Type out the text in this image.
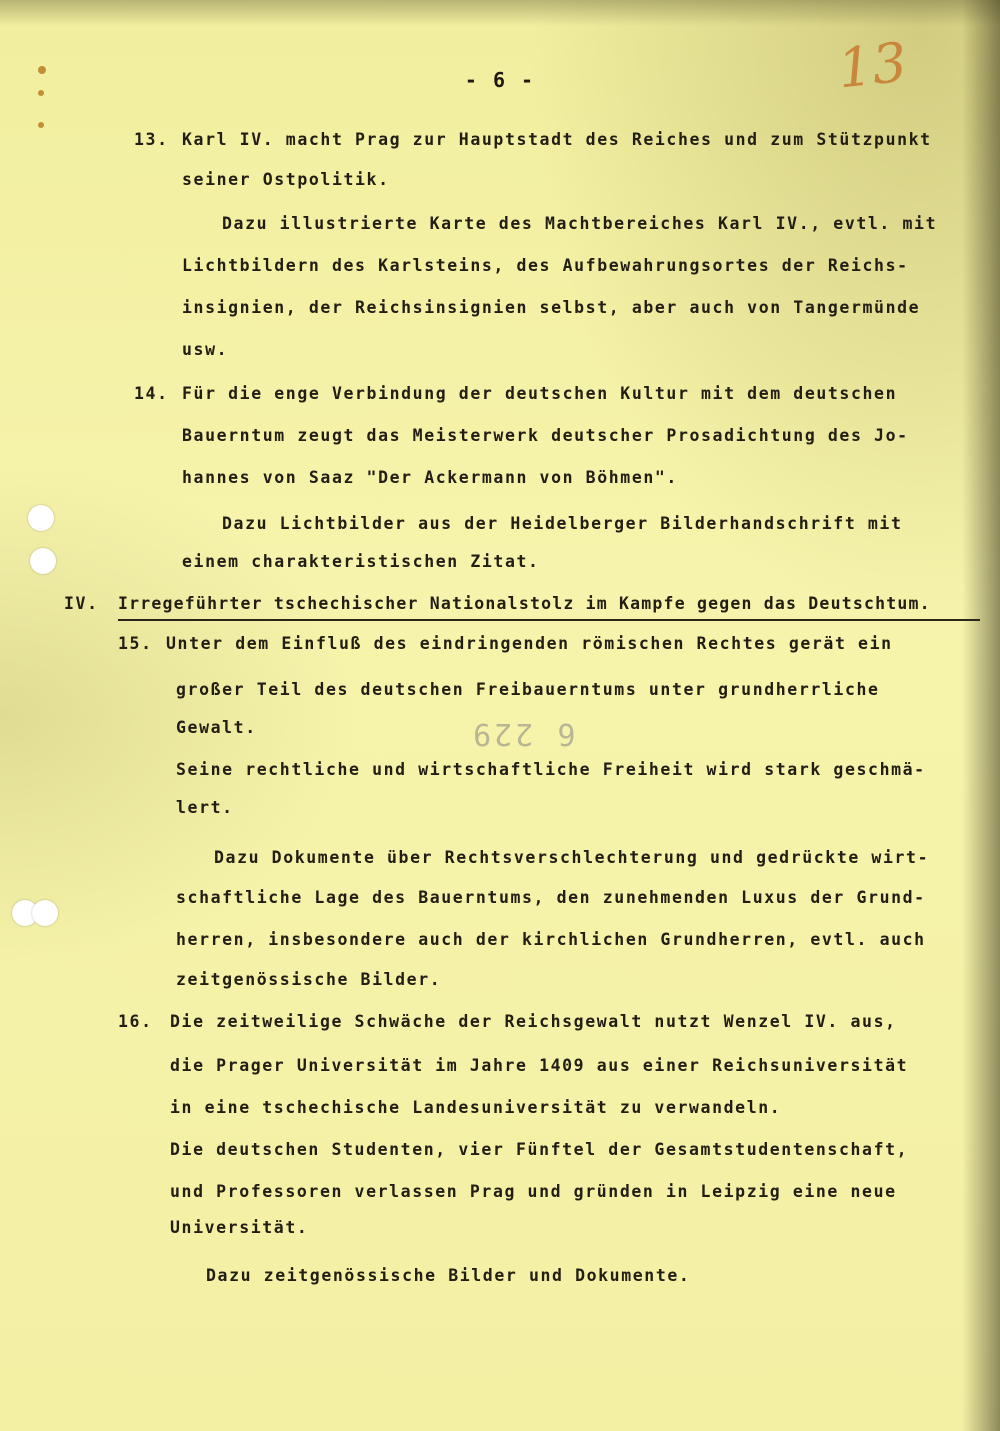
- 6 -	13
6 229

13. Karl IV. macht Prag zur Hauptstadt des Reiches und zum Stützpunkt

seiner Ostpolitik.

Dazu illustrierte Karte des Machtbereiches Karl IV., evtl. mit

Lichtbildern des Karlsteins, des Aufbewahrungsortes der Reichs-

insignien, der Reichsinsignien selbst, aber auch von Tangermünde

usw.

14. Für die enge Verbindung der deutschen Kultur mit dem deutschen

Bauerntum zeugt das Meisterwerk deutscher Prosadichtung des Jo-

hannes von Saaz "Der Ackermann von Böhmen".

Dazu Lichtbilder aus der Heidelberger Bilderhandschrift mit

einem charakteristischen Zitat.

IV. Irregeführter tschechischer Nationalstolz im Kampfe gegen das Deutschtum.

15. Unter dem Einfluß des eindringenden römischen Rechtes gerät ein

großer Teil des deutschen Freibauerntums unter grundherrliche

Gewalt.

Seine rechtliche und wirtschaftliche Freiheit wird stark geschmä-

lert.

Dazu Dokumente über Rechtsverschlechterung und gedrückte wirt-

schaftliche Lage des Bauerntums, den zunehmenden Luxus der Grund-

herren, insbesondere auch der kirchlichen Grundherren, evtl. auch

zeitgenössische Bilder.

16. Die zeitweilige Schwäche der Reichsgewalt nutzt Wenzel IV. aus,

die Prager Universität im Jahre 1409 aus einer Reichsuniversität

in eine tschechische Landesuniversität zu verwandeln.

Die deutschen Studenten, vier Fünftel der Gesamtstudentenschaft,

und Professoren verlassen Prag und gründen in Leipzig eine neue

Universität.

Dazu zeitgenössische Bilder und Dokumente.
